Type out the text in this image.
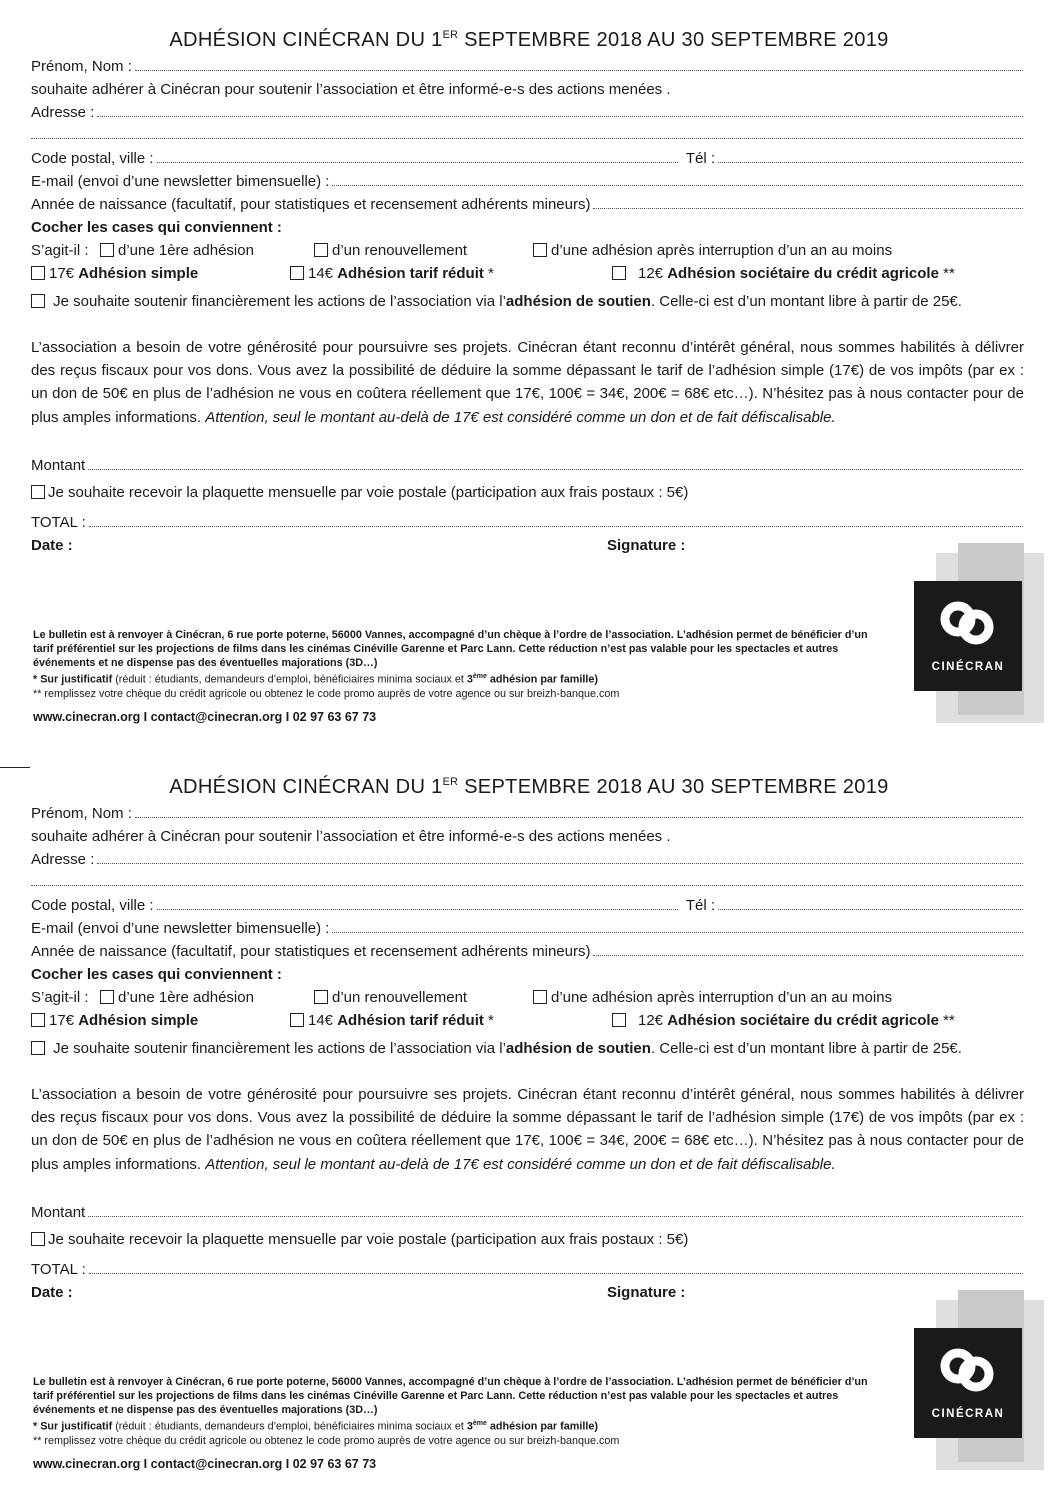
ADHÉSION CINÉCRAN DU 1ER SEPTEMBRE 2018 AU 30 SEPTEMBRE 2019
Prénom, Nom :
souhaite adhérer à Cinécran pour soutenir l’association et être informé-e-s des actions menées .
Adresse :
Code postal, ville :	Tél :
E-mail (envoi d’une newsletter bimensuelle) :
Année de naissance (facultatif, pour statistiques et recensement adhérents mineurs)
Cocher les cases qui conviennent :
S’agit-il :	d’une 1ère adhésion	d’un renouvellement	d’une adhésion après interruption d’un an au moins
17€ Adhésion simple	14€ Adhésion tarif réduit *	12€ Adhésion sociétaire du crédit agricole **
Je souhaite soutenir financièrement les actions de l’association via l’adhésion de soutien. Celle-ci est d’un montant libre à partir de 25€.
L’association a besoin de votre générosité pour poursuivre ses projets. Cinécran étant reconnu d’intérêt général, nous sommes habilités à délivrer des reçus fiscaux pour vos dons. Vous avez la possibilité de déduire la somme dépassant le tarif de l’adhésion simple (17€) de vos impôts (par ex : un don de 50€ en plus de l’adhésion ne vous en coûtera réellement que 17€, 100€ = 34€, 200€ = 68€ etc…). N’hésitez pas à nous contacter pour de plus amples informations. Attention, seul le montant au-delà de 17€ est considéré comme un don et de fait défiscalisable.
Montant
Je souhaite recevoir la plaquette mensuelle par voie postale (participation aux frais postaux : 5€)
TOTAL :
Date :	Signature :
Le bulletin est à renvoyer à Cinécran, 6 rue porte poterne, 56000 Vannes, accompagné d’un chèque à l’ordre de l’association. L’adhésion permet de bénéficier d’un tarif préférentiel sur les projections de films dans les cinémas Cinéville Garenne et Parc Lann. Cette réduction n’est pas valable pour les spectacles et autres événements et ne dispense pas des éventuelles majorations (3D…)
* Sur justificatif (réduit : étudiants, demandeurs d’emploi, bénéficiaires minima sociaux et 3ème adhésion par famille)
** remplissez votre chèque du crédit agricole ou obtenez le code promo auprès de votre agence ou sur breizh-banque.com
www.cinecran.org I contact@cinecran.org I 02 97 63 67 73
CINÉCRAN
ADHÉSION CINÉCRAN DU 1ER SEPTEMBRE 2018 AU 30 SEPTEMBRE 2019
Prénom, Nom :
souhaite adhérer à Cinécran pour soutenir l’association et être informé-e-s des actions menées .
Adresse :
Code postal, ville :	Tél :
E-mail (envoi d’une newsletter bimensuelle) :
Année de naissance (facultatif, pour statistiques et recensement adhérents mineurs)
Cocher les cases qui conviennent :
S’agit-il :	d’une 1ère adhésion	d’un renouvellement	d’une adhésion après interruption d’un an au moins
17€ Adhésion simple	14€ Adhésion tarif réduit *	12€ Adhésion sociétaire du crédit agricole **
Je souhaite soutenir financièrement les actions de l’association via l’adhésion de soutien. Celle-ci est d’un montant libre à partir de 25€.
L’association a besoin de votre générosité pour poursuivre ses projets. Cinécran étant reconnu d’intérêt général, nous sommes habilités à délivrer des reçus fiscaux pour vos dons. Vous avez la possibilité de déduire la somme dépassant le tarif de l’adhésion simple (17€) de vos impôts (par ex : un don de 50€ en plus de l’adhésion ne vous en coûtera réellement que 17€, 100€ = 34€, 200€ = 68€ etc…). N’hésitez pas à nous contacter pour de plus amples informations. Attention, seul le montant au-delà de 17€ est considéré comme un don et de fait défiscalisable.
Montant
Je souhaite recevoir la plaquette mensuelle par voie postale (participation aux frais postaux : 5€)
TOTAL :
Date :	Signature :
Le bulletin est à renvoyer à Cinécran, 6 rue porte poterne, 56000 Vannes, accompagné d’un chèque à l’ordre de l’association. L’adhésion permet de bénéficier d’un tarif préférentiel sur les projections de films dans les cinémas Cinéville Garenne et Parc Lann. Cette réduction n’est pas valable pour les spectacles et autres événements et ne dispense pas des éventuelles majorations (3D…)
* Sur justificatif (réduit : étudiants, demandeurs d’emploi, bénéficiaires minima sociaux et 3ème adhésion par famille)
** remplissez votre chèque du crédit agricole ou obtenez le code promo auprès de votre agence ou sur breizh-banque.com
www.cinecran.org I contact@cinecran.org I 02 97 63 67 73
CINÉCRAN
